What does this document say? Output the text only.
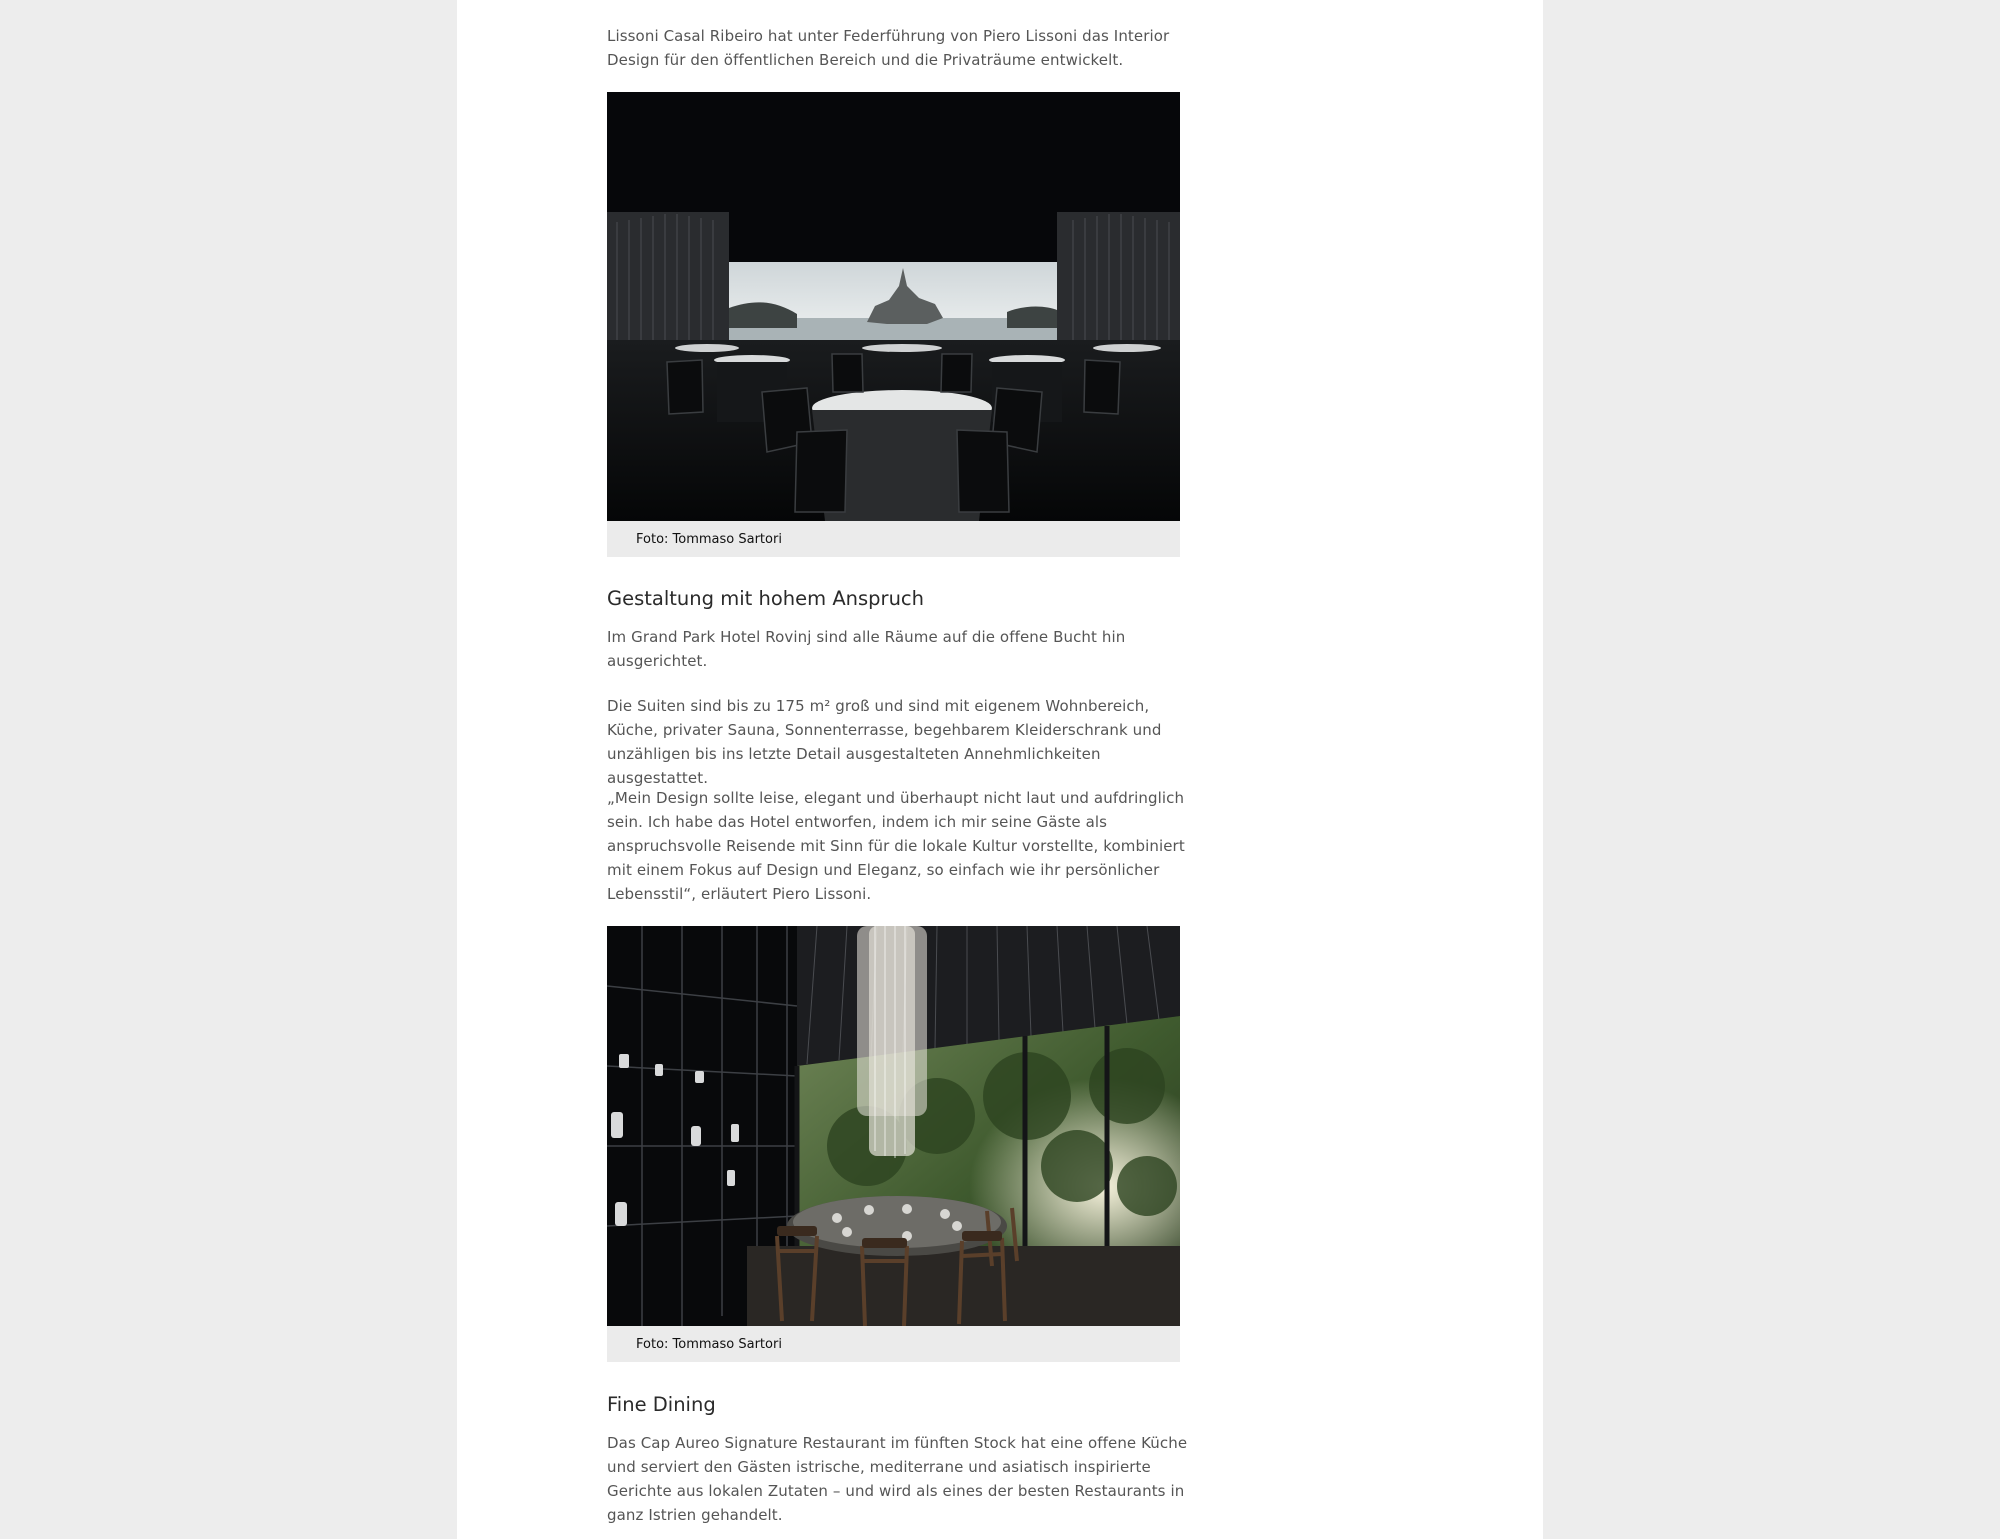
Lissoni Casal Ribeiro hat unter Federführung von Piero Lissoni das Interior Design für den öffentlichen Bereich und die Privaträume entwickelt.

Foto: Tommaso Sartori
Gestaltung mit hohem Anspruch

Im Grand Park Hotel Rovinj sind alle Räume auf die offene Bucht hin ausgerichtet.

Die Suiten sind bis zu 175 m² groß und sind mit eigenem Wohnbereich, Küche, privater Sauna, Sonnenterrasse, begehbarem Kleiderschrank und unzähligen bis ins letzte Detail ausgestalteten Annehmlichkeiten ausgestattet.

„Mein Design sollte leise, elegant und überhaupt nicht laut und aufdringlich sein. Ich habe das Hotel entworfen, indem ich mir seine Gäste als anspruchsvolle Reisende mit Sinn für die lokale Kultur vorstellte, kombiniert mit einem Fokus auf Design und Eleganz, so einfach wie ihr persönlicher Lebensstil“, erläutert Piero Lissoni.

Foto: Tommaso Sartori
Fine Dining

Das Cap Aureo Signature Restaurant im fünften Stock hat eine offene Küche und serviert den Gästen istrische, mediterrane und asiatisch inspirierte Gerichte aus lokalen Zutaten – und wird als eines der besten Restaurants in ganz Istrien gehandelt.
